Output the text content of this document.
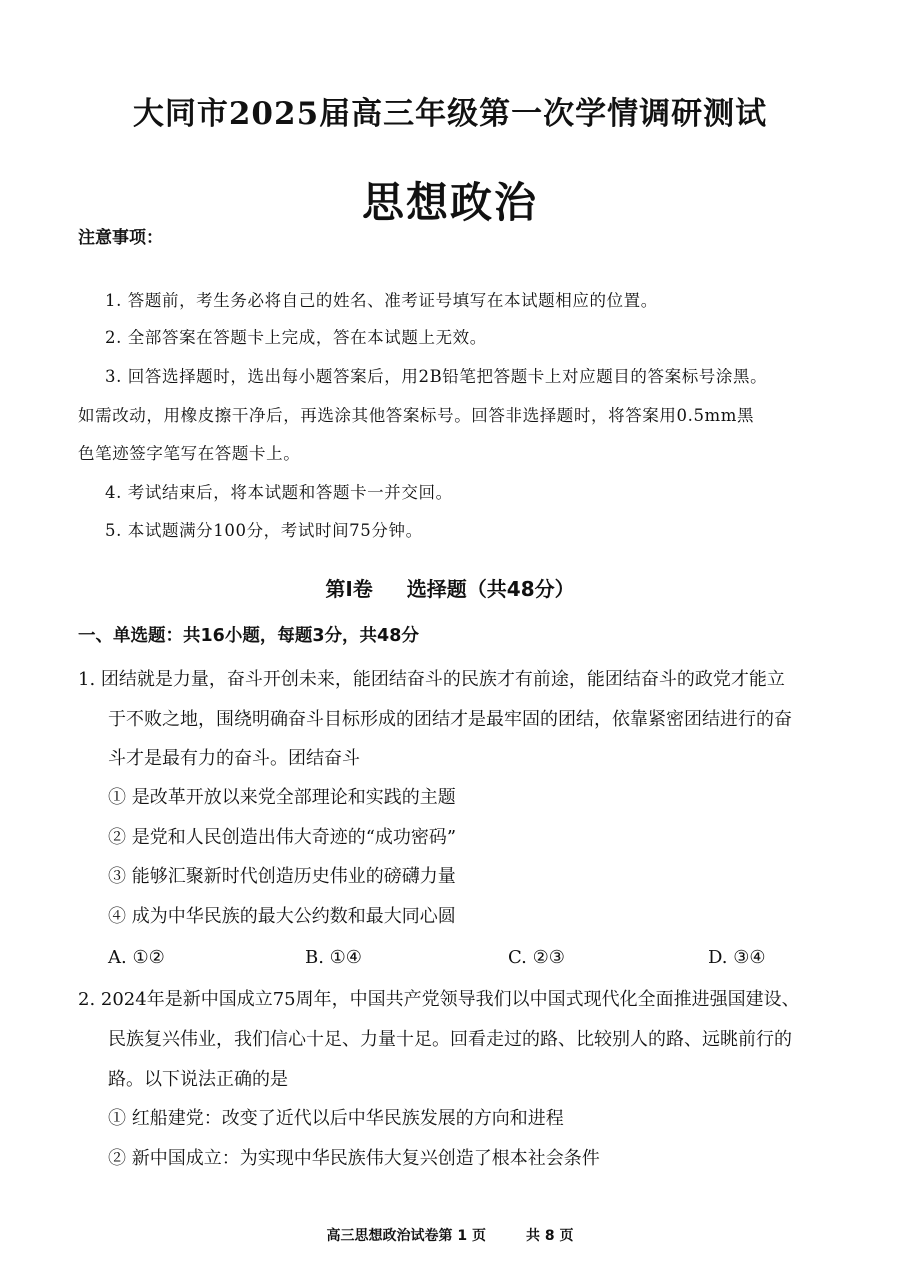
大同市2025届高三年级第一次学情调研测试
思想政治
注意事项：
1. 答题前，考生务必将自己的姓名、准考证号填写在本试题相应的位置。
2. 全部答案在答题卡上完成，答在本试题上无效。
3. 回答选择题时，选出每小题答案后，用2B铅笔把答题卡上对应题目的答案标号涂黑。
如需改动，用橡皮擦干净后，再选涂其他答案标号。回答非选择题时，将答案用0.5mm黑
色笔迹签字笔写在答题卡上。
4. 考试结束后，将本试题和答题卡一并交回。
5. 本试题满分100分，考试时间75分钟。
第Ⅰ卷 选择题（共48分）
一、单选题：共16小题，每题3分，共48分
1. 团结就是力量，奋斗开创未来，能团结奋斗的民族才有前途，能团结奋斗的政党才能立
于不败之地，围绕明确奋斗目标形成的团结才是最牢固的团结，依靠紧密团结进行的奋
斗才是最有力的奋斗。团结奋斗
① 是改革开放以来党全部理论和实践的主题
② 是党和人民创造出伟大奇迹的“成功密码”
③ 能够汇聚新时代创造历史伟业的磅礴力量
④ 成为中华民族的最大公约数和最大同心圆
A. ①②	B. ①④	C. ②③	D. ③④
2. 2024年是新中国成立75周年，中国共产党领导我们以中国式现代化全面推进强国建设、
民族复兴伟业，我们信心十足、力量十足。回看走过的路、比较别人的路、远眺前行的
路。以下说法正确的是
① 红船建党：改变了近代以后中华民族发展的方向和进程
② 新中国成立：为实现中华民族伟大复兴创造了根本社会条件
高三思想政治试卷第 1 页	共 8 页
